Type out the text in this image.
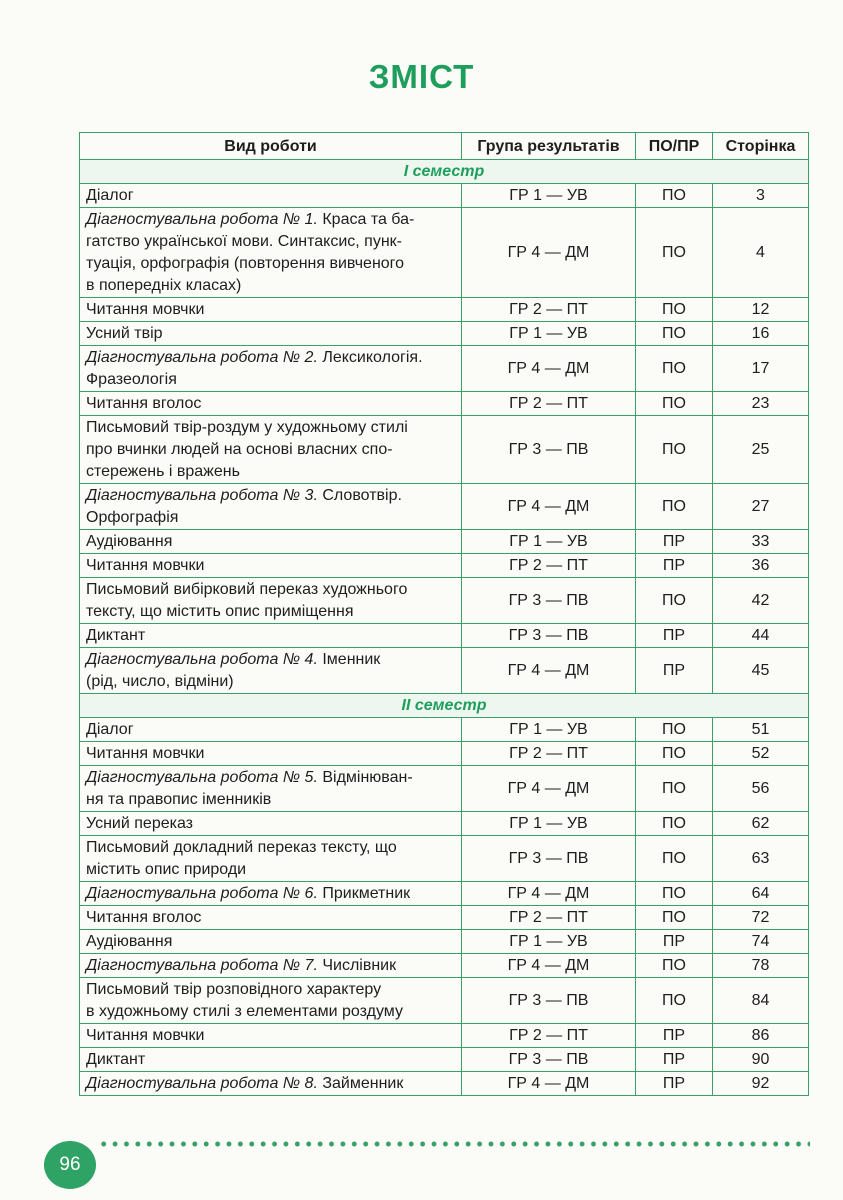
ЗМІСТ
Вид роботи	Група результатів	ПО/ПР	Сторінка
І семестр			
Діалог	ГР 1 — УВ	ПО	3
Діагностувальна робота № 1. Краса та ба-
гатство української мови. Синтаксис, пунк-
туація, орфографія (повторення вивченого
в попередніх класах)	ГР 4 — ДМ	ПО	4
Читання мовчки	ГР 2 — ПТ	ПО	12
Усний твір	ГР 1 — УВ	ПО	16
Діагностувальна робота № 2. Лексикологія.
Фразеологія	ГР 4 — ДМ	ПО	17
Читання вголос	ГР 2 — ПТ	ПО	23
Письмовий твір-роздум у художньому стилі
про вчинки людей на основі власних спо-
стережень і вражень	ГР 3 — ПВ	ПО	25
Діагностувальна робота № 3. Словотвір.
Орфографія	ГР 4 — ДМ	ПО	27
Аудіювання	ГР 1 — УВ	ПР	33
Читання мовчки	ГР 2 — ПТ	ПР	36
Письмовий вибірковий переказ художнього
тексту, що містить опис приміщення	ГР 3 — ПВ	ПО	42
Диктант	ГР 3 — ПВ	ПР	44
Діагностувальна робота № 4. Іменник
(рід, число, відміни)	ГР 4 — ДМ	ПР	45
ІІ семестр			
Діалог	ГР 1 — УВ	ПО	51
Читання мовчки	ГР 2 — ПТ	ПО	52
Діагностувальна робота № 5. Відмінюван-
ня та правопис іменників	ГР 4 — ДМ	ПО	56
Усний переказ	ГР 1 — УВ	ПО	62
Письмовий докладний переказ тексту, що
містить опис природи	ГР 3 — ПВ	ПО	63
Діагностувальна робота № 6. Прикметник	ГР 4 — ДМ	ПО	64
Читання вголос	ГР 2 — ПТ	ПО	72
Аудіювання	ГР 1 — УВ	ПР	74
Діагностувальна робота № 7. Числівник	ГР 4 — ДМ	ПО	78
Письмовий твір розповідного характеру
в художньому стилі з елементами роздуму	ГР 3 — ПВ	ПО	84
Читання мовчки	ГР 2 — ПТ	ПР	86
Диктант	ГР 3 — ПВ	ПР	90
Діагностувальна робота № 8. Займенник	ГР 4 — ДМ	ПР	92
96
